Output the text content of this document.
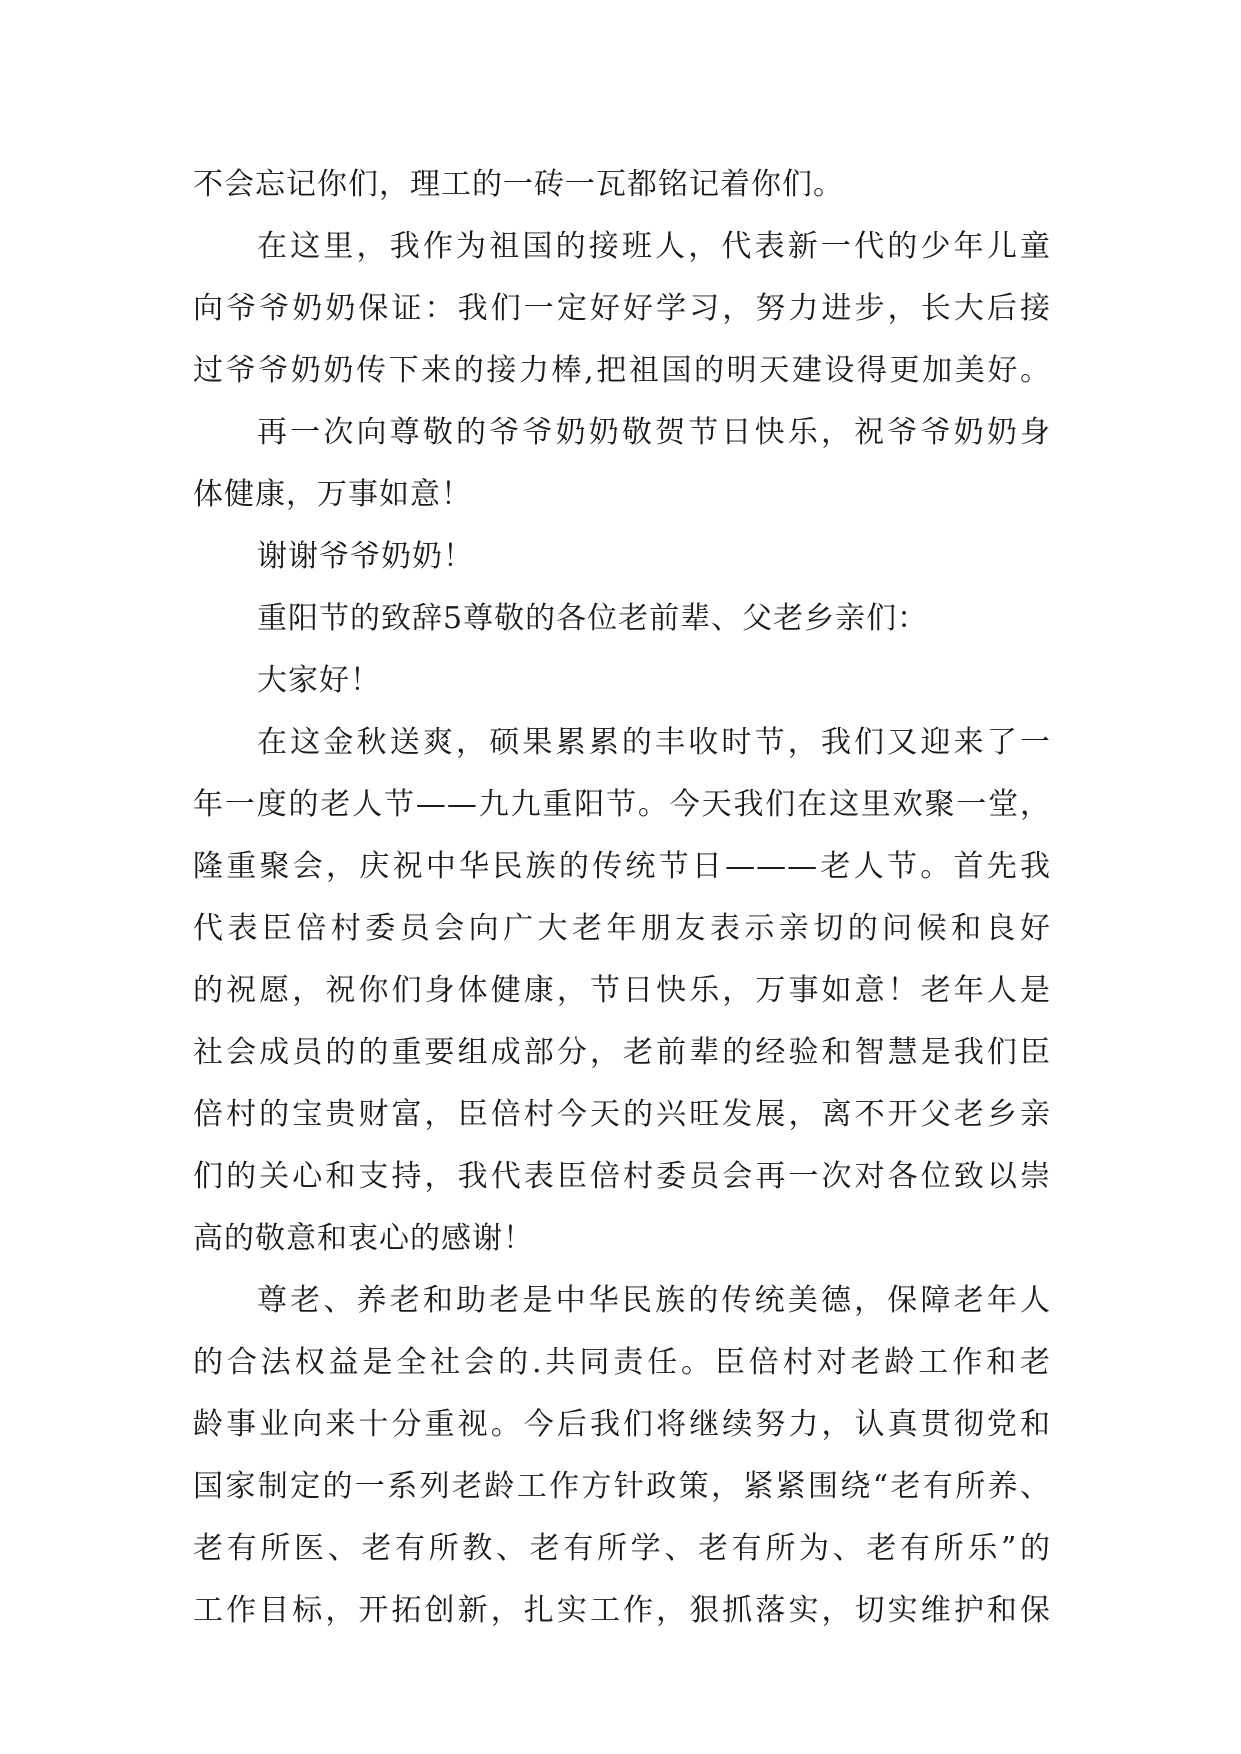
不会忘记你们，理工的一砖一瓦都铭记着你们。
在这里，我作为祖国的接班人，代表新一代的少年儿童
向爷爷奶奶保证：我们一定好好学习，努力进步，长大后接
过爷爷奶奶传下来的接力棒,把祖国的明天建设得更加美好。
再一次向尊敬的爷爷奶奶敬贺节日快乐，祝爷爷奶奶身
体健康，万事如意！
谢谢爷爷奶奶！
重阳节的致辞5尊敬的各位老前辈、父老乡亲们：
大家好！
在这金秋送爽，硕果累累的丰收时节，我们又迎来了一
年一度的老人节——九九重阳节。今天我们在这里欢聚一堂，
隆重聚会，庆祝中华民族的传统节日———老人节。首先我
代表臣倍村委员会向广大老年朋友表示亲切的问候和良好
的祝愿，祝你们身体健康，节日快乐，万事如意！老年人是
社会成员的的重要组成部分，老前辈的经验和智慧是我们臣
倍村的宝贵财富，臣倍村今天的兴旺发展，离不开父老乡亲
们的关心和支持，我代表臣倍村委员会再一次对各位致以崇
高的敬意和衷心的感谢！
尊老、养老和助老是中华民族的传统美德，保障老年人
的合法权益是全社会的.共同责任。臣倍村对老龄工作和老
龄事业向来十分重视。今后我们将继续努力，认真贯彻党和
国家制定的一系列老龄工作方针政策，紧紧围绕“老有所养、
老有所医、老有所教、老有所学、老有所为、老有所乐”的
工作目标，开拓创新，扎实工作，狠抓落实，切实维护和保
